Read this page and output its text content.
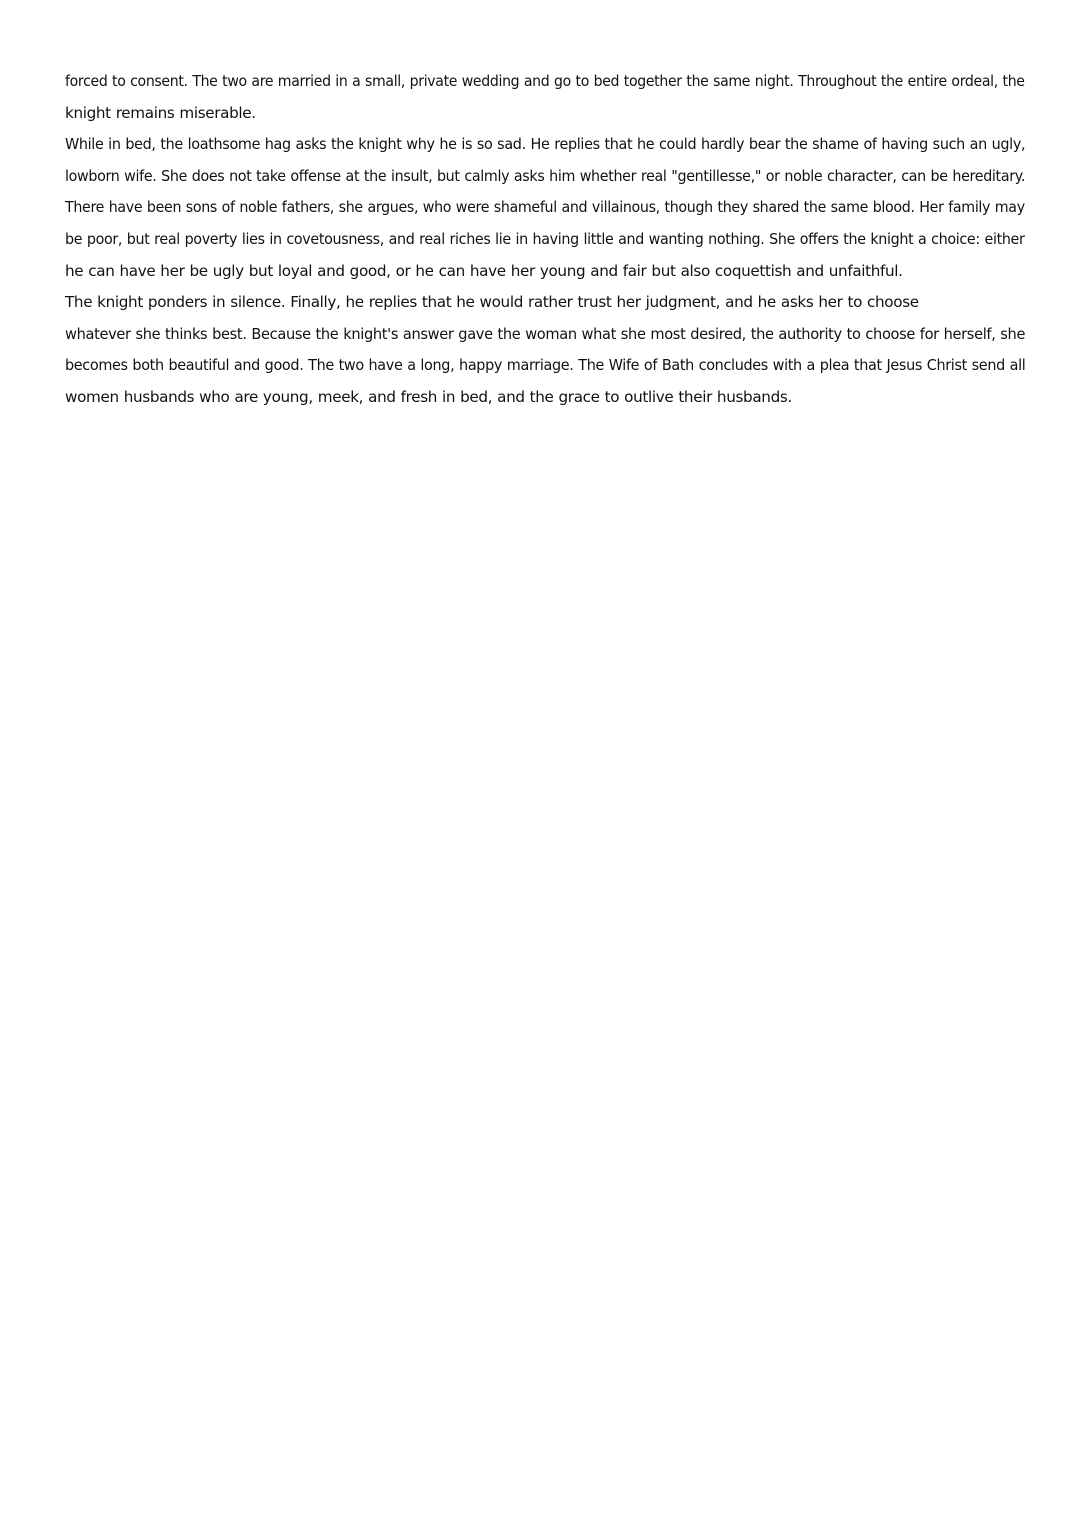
forced to consent. The two are married in a small, private wedding and go to bed together the same night. Throughout the entire ordeal, the
knight remains miserable.
While in bed, the loathsome hag asks the knight why he is so sad. He replies that he could hardly bear the shame of having such an ugly,
lowborn wife. She does not take offense at the insult, but calmly asks him whether real "gentillesse," or noble character, can be hereditary.
There have been sons of noble fathers, she argues, who were shameful and villainous, though they shared the same blood. Her family may
be poor, but real poverty lies in covetousness, and real riches lie in having little and wanting nothing. She offers the knight a choice: either
he can have her be ugly but loyal and good, or he can have her young and fair but also coquettish and unfaithful.
The knight ponders in silence. Finally, he replies that he would rather trust her judgment, and he asks her to choose
whatever she thinks best. Because the knight's answer gave the woman what she most desired, the authority to choose for herself, she
becomes both beautiful and good. The two have a long, happy marriage. The Wife of Bath concludes with a plea that Jesus Christ send all
women husbands who are young, meek, and fresh in bed, and the grace to outlive their husbands.
